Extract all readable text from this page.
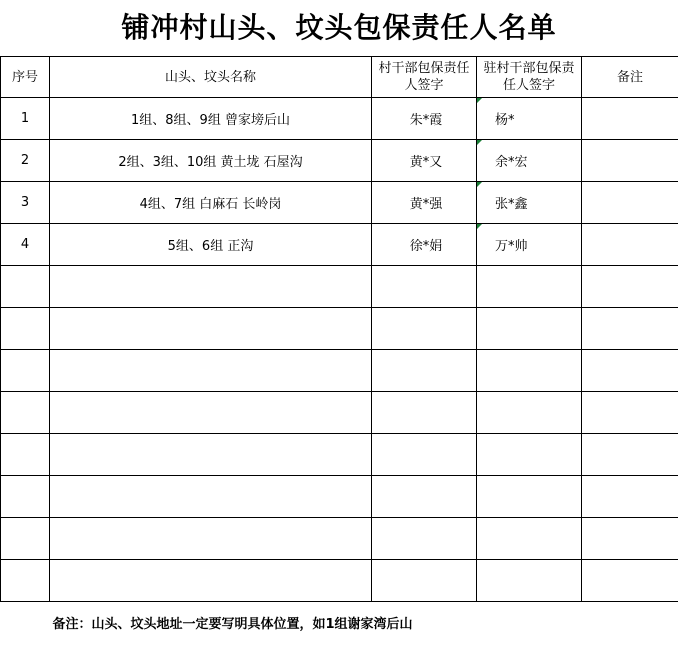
铺冲村山头、坟头包保责任人名单
序号	山头、坟头名称	村干部包保责任人签字	驻村干部包保责任人签字	备注
1	1组、8组、9组 曾家塝后山	朱*霞	杨*	
2	2组、3组、10组 黄土垅 石屋沟	黄*又	余*宏	
3	4组、7组 白麻石 长岭岗	黄*强	张*鑫	
4	5组、6组 正沟	徐*娟	万*帅	

备注：山头、坟头地址一定要写明具体位置，如1组谢家湾后山				
